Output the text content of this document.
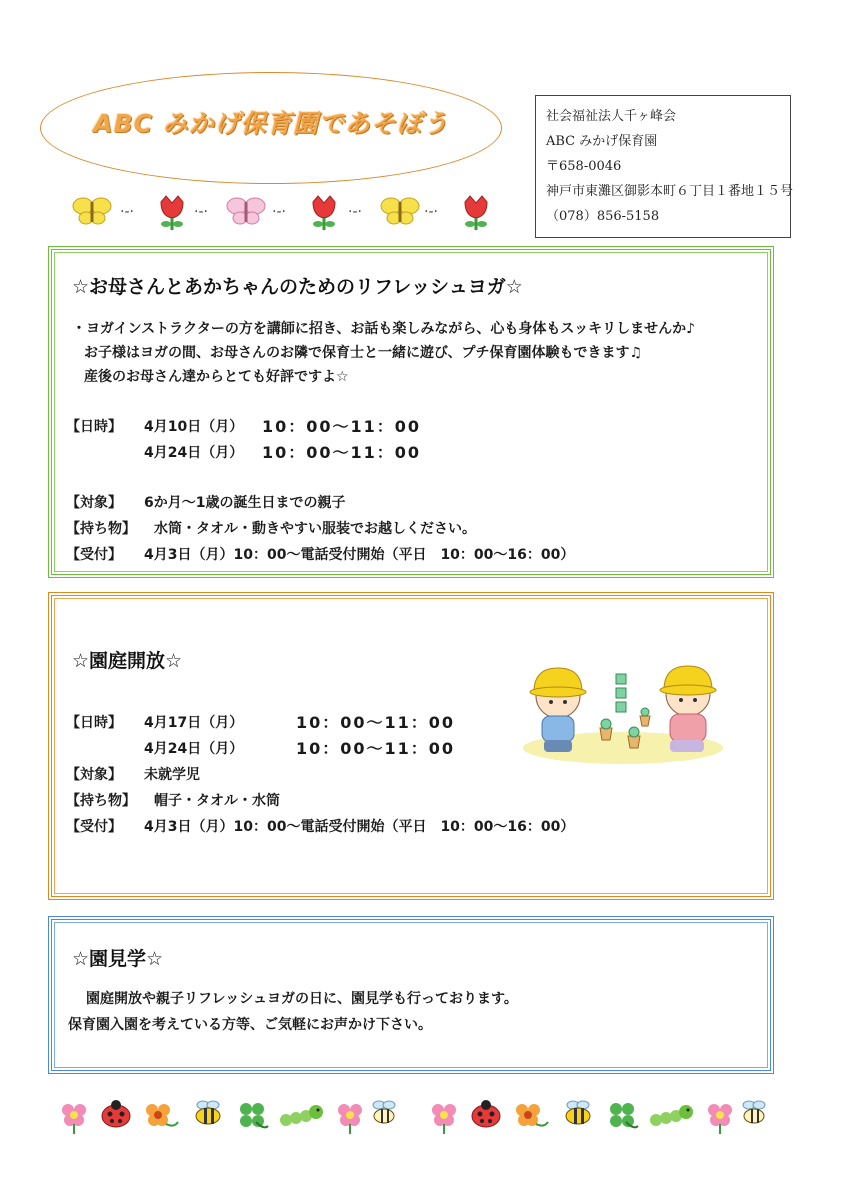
ABC みかげ保育園であそぼう	社会福祉法人千ヶ峰会
ABC みかげ保育園
〒658-0046
神戸市東灘区御影本町６丁目１番地１５号
（078）856-5158
·-·	·-·	·-·	·-·	·-·
☆お母さんとあかちゃんのためのリフレッシュヨガ☆
・ヨガインストラクターの方を講師に招き、お話も楽しみながら、心も身体もスッキリしませんか♪
お子様はヨガの間、お母さんのお隣で保育士と一緒に遊び、プチ保育園体験もできます♫
産後のお母さん達からとても好評ですよ☆
【日時】 4月10日（月） 10：00～11：00
4月24日（月） 10：00～11：00
【対象】 6か月～1歳の誕生日までの親子
【持ち物】 水筒・タオル・動きやすい服装でお越しください。
【受付】 4月3日（月）10：00～電話受付開始（平日　10：00～16：00）
☆園庭開放☆
【日時】 4月17日（月）	10：00～11：00
4月24日（月）	10：00～11：00
【対象】 未就学児
【持ち物】 帽子・タオル・水筒
【受付】 4月3日（月）10：00～電話受付開始（平日　10：00～16：00）
☆園見学☆
園庭開放や親子リフレッシュヨガの日に、園見学も行っております。
保育園入園を考えている方等、ご気軽にお声かけ下さい。
